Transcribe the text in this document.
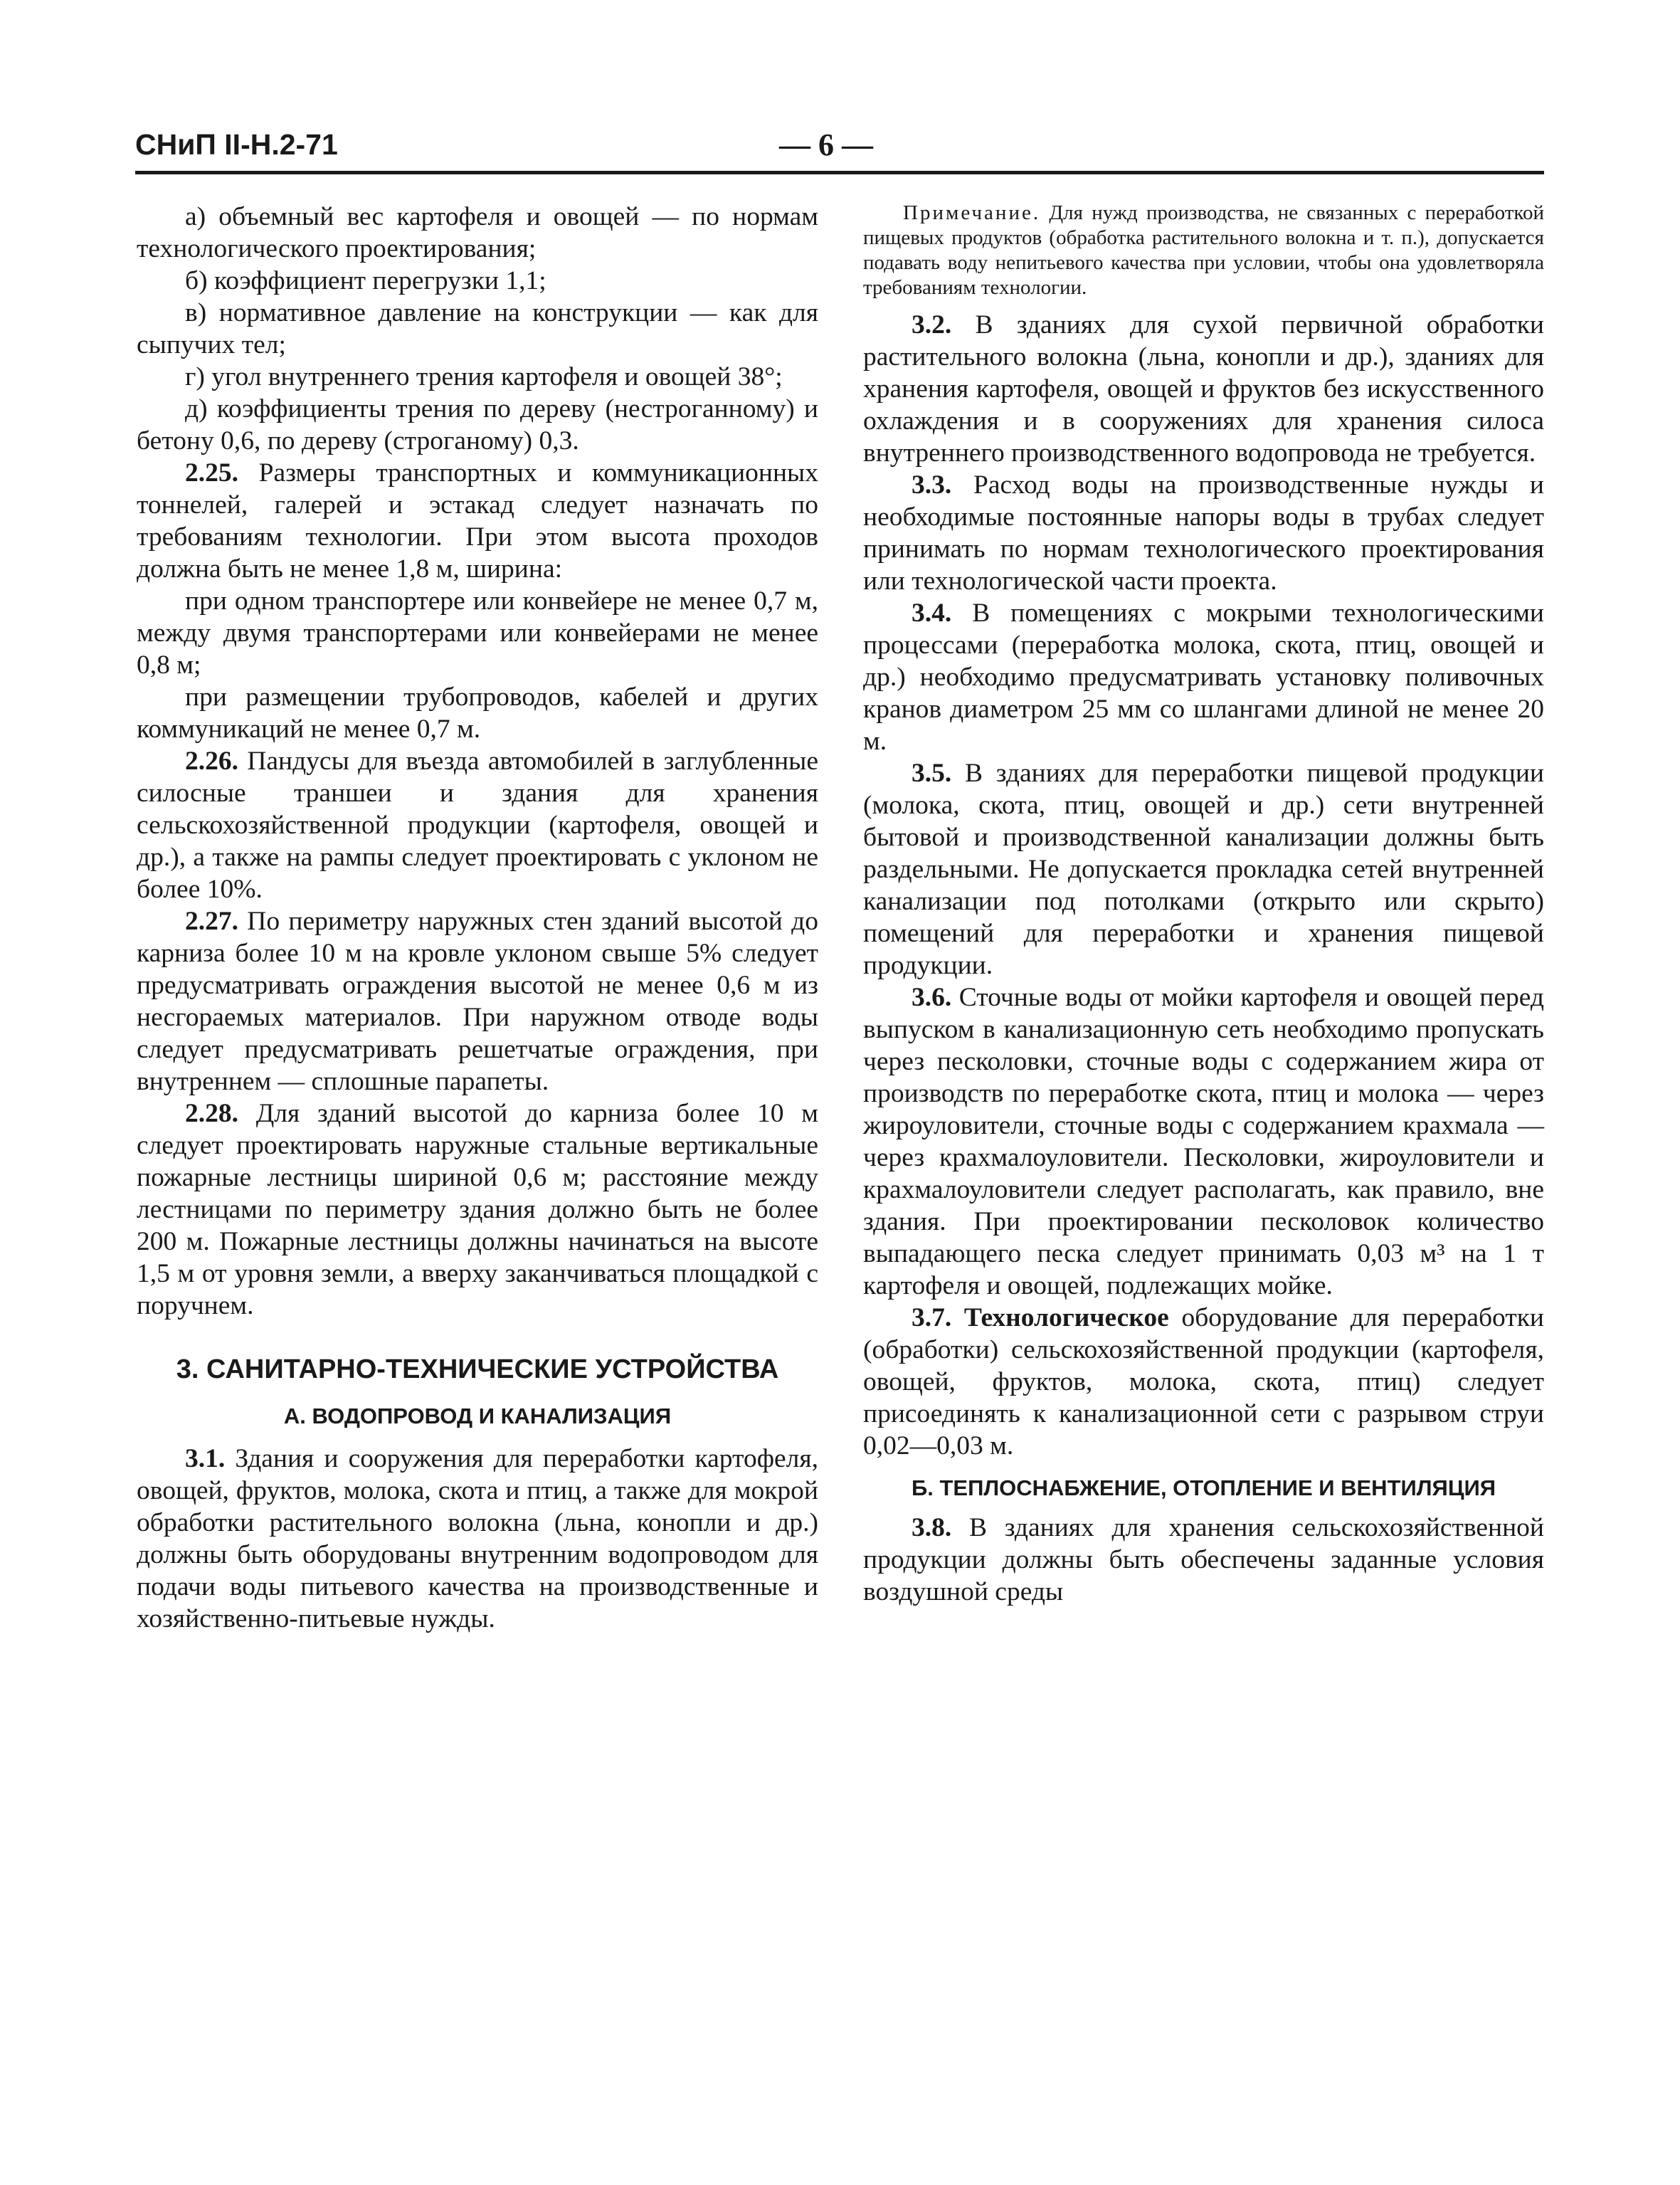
СНиП II-Н.2-71	— 6 —

а) объемный вес картофеля и овощей — по нормам технологического проектирования;

б) коэффициент перегрузки 1,1;

в) нормативное давление на конструкции — как для сыпучих тел;

г) угол внутреннего трения картофеля и овощей 38°;

д) коэффициенты трения по дереву (нестроганному) и бетону 0,6, по дереву (строганому) 0,3.

2.25. Размеры транспортных и коммуникационных тоннелей, галерей и эстакад следует назначать по требованиям технологии. При этом высота проходов должна быть не менее 1,8 м, ширина:

при одном транспортере или конвейере не менее 0,7 м, между двумя транспортерами или конвейерами не менее 0,8 м;

при размещении трубопроводов, кабелей и других коммуникаций не менее 0,7 м.

2.26. Пандусы для въезда автомобилей в заглубленные силосные траншеи и здания для хранения сельскохозяйственной продукции (картофеля, овощей и др.), а также на рампы следует проектировать с уклоном не более 10%.

2.27. По периметру наружных стен зданий высотой до карниза более 10 м на кровле уклоном свыше 5% следует предусматривать ограждения высотой не менее 0,6 м из несгораемых материалов. При наружном отводе воды следует предусматривать решетчатые ограждения, при внутреннем — сплошные парапеты.

2.28. Для зданий высотой до карниза более 10 м следует проектировать наружные стальные вертикальные пожарные лестницы шириной 0,6 м; расстояние между лестницами по периметру здания должно быть не более 200 м. Пожарные лестницы должны начинаться на высоте 1,5 м от уровня земли, а вверху заканчиваться площадкой с поручнем.

3. САНИТАРНО-ТЕХНИЧЕСКИЕ УСТРОЙСТВА
А. ВОДОПРОВОД И КАНАЛИЗАЦИЯ

3.1. Здания и сооружения для переработки картофеля, овощей, фруктов, молока, скота и птиц, а также для мокрой обработки растительного волокна (льна, конопли и др.) должны быть оборудованы внутренним водопроводом для подачи воды питьевого качества на производственные и хозяйственно-питьевые нужды.

Примечание. Для нужд производства, не связанных с переработкой пищевых продуктов (обработка растительного волокна и т. п.), допускается подавать воду непитьевого качества при условии, чтобы она удовлетворяла требованиям технологии.

3.2. В зданиях для сухой первичной обработки растительного волокна (льна, конопли и др.), зданиях для хранения картофеля, овощей и фруктов без искусственного охлаждения и в сооружениях для хранения силоса внутреннего производственного водопровода не требуется.

3.3. Расход воды на производственные нужды и необходимые постоянные напоры воды в трубах следует принимать по нормам технологического проектирования или технологической части проекта.

3.4. В помещениях с мокрыми технологическими процессами (переработка молока, скота, птиц, овощей и др.) необходимо предусматривать установку поливочных кранов диаметром 25 мм со шлангами длиной не менее 20 м.

3.5. В зданиях для переработки пищевой продукции (молока, скота, птиц, овощей и др.) сети внутренней бытовой и производственной канализации должны быть раздельными. Не допускается прокладка сетей внутренней канализации под потолками (открыто или скрыто) помещений для переработки и хранения пищевой продукции.

3.6. Сточные воды от мойки картофеля и овощей перед выпуском в канализационную сеть необходимо пропускать через песколовки, сточные воды с содержанием жира от производств по переработке скота, птиц и молока — через жироуловители, сточные воды с содержанием крахмала — через крахмалоуловители. Песколовки, жироуловители и крахмалоуловители следует располагать, как правило, вне здания. При проектировании песколовок количество выпадающего песка следует принимать 0,03 м³ на 1 т картофеля и овощей, подлежащих мойке.

3.7. Технологическое оборудование для переработки (обработки) сельскохозяйственной продукции (картофеля, овощей, фруктов, молока, скота, птиц) следует присоединять к канализационной сети с разрывом струи 0,02—0,03 м.

Б. ТЕПЛОСНАБЖЕНИЕ, ОТОПЛЕНИЕ И ВЕНТИЛЯЦИЯ

3.8. В зданиях для хранения сельскохозяйственной продукции должны быть обеспечены заданные условия воздушной среды
